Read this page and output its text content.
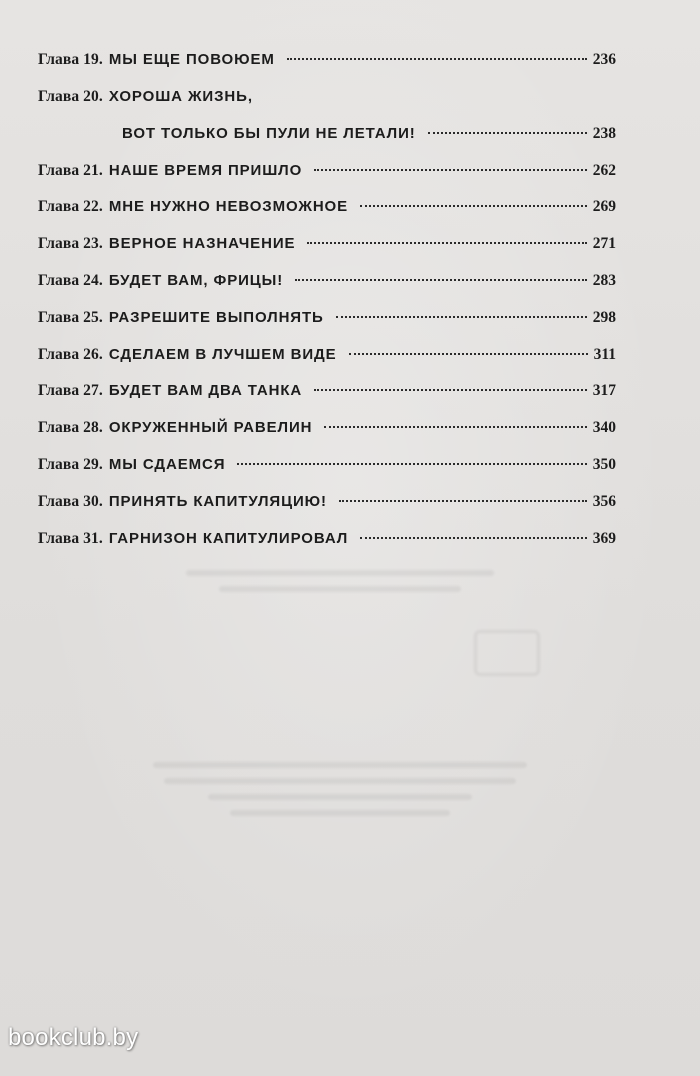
Глава 19. МЫ ЕЩЕ ПОВОЮЕМ	236
Глава 20. ХОРОША ЖИЗНЬ,
ВОТ ТОЛЬКО БЫ ПУЛИ НЕ ЛЕТАЛИ!	238
Глава 21. НАШЕ ВРЕМЯ ПРИШЛО	262
Глава 22. МНЕ НУЖНО НЕВОЗМОЖНОЕ	269
Глава 23. ВЕРНОЕ НАЗНАЧЕНИЕ	271
Глава 24. БУДЕТ ВАМ, ФРИЦЫ!	283
Глава 25. РАЗРЕШИТЕ ВЫПОЛНЯТЬ	298
Глава 26. СДЕЛАЕМ В ЛУЧШЕМ ВИДЕ	311
Глава 27. БУДЕТ ВАМ ДВА ТАНКА	317
Глава 28. ОКРУЖЕННЫЙ РАВЕЛИН	340
Глава 29. МЫ СДАЕМСЯ	350
Глава 30. ПРИНЯТЬ КАПИТУЛЯЦИЮ!	356
Глава 31. ГАРНИЗОН КАПИТУЛИРОВАЛ	369
bookclub.by
